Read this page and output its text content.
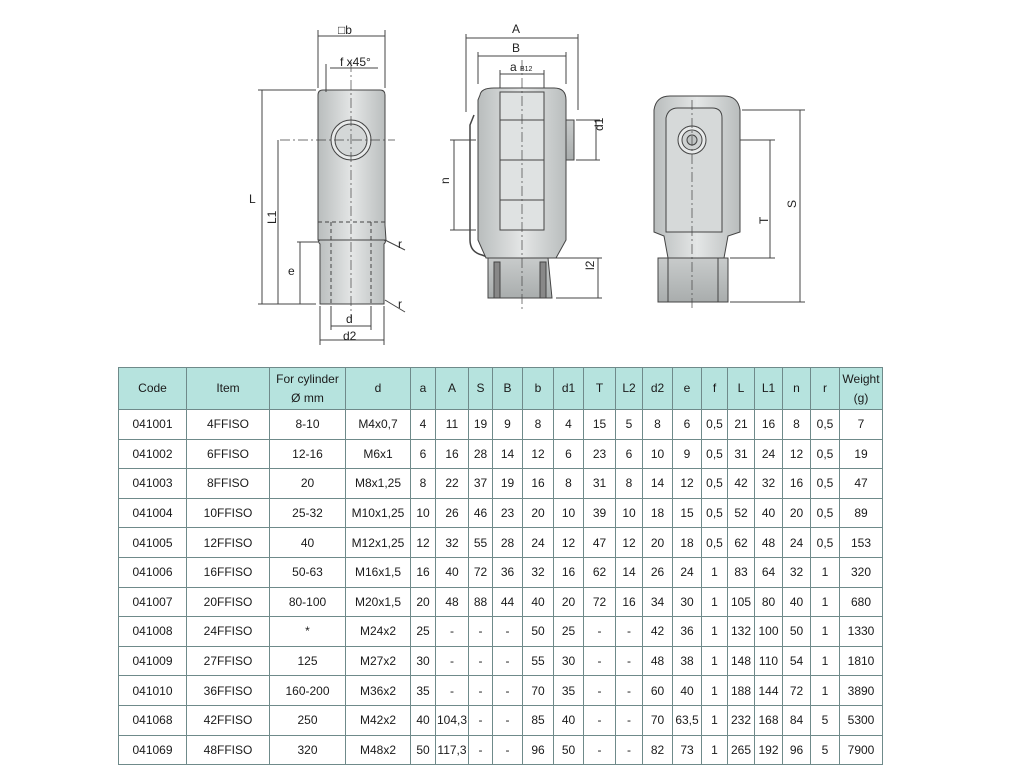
□b
f x45°
L
L1
e
d
d2
r
r
A
B
a B12
d1
n
l2
T
S
Code	Item	For cylinder
Ø mm	d	a	A	S	B	b	d1	T	L2	d2	e	f	L	L1	n	r	Weight
(g)
041001	4FFISO	8-10	M4x0,7	4	11	19	9	8	4	15	5	8	6	0,5	21	16	8	0,5	7
041002	6FFISO	12-16	M6x1	6	16	28	14	12	6	23	6	10	9	0,5	31	24	12	0,5	19
041003	8FFISO	20	M8x1,25	8	22	37	19	16	8	31	8	14	12	0,5	42	32	16	0,5	47
041004	10FFISO	25-32	M10x1,25	10	26	46	23	20	10	39	10	18	15	0,5	52	40	20	0,5	89
041005	12FFISO	40	M12x1,25	12	32	55	28	24	12	47	12	20	18	0,5	62	48	24	0,5	153
041006	16FFISO	50-63	M16x1,5	16	40	72	36	32	16	62	14	26	24	1	83	64	32	1	320
041007	20FFISO	80-100	M20x1,5	20	48	88	44	40	20	72	16	34	30	1	105	80	40	1	680
041008	24FFISO	*	M24x2	25	-	-	-	50	25	-	-	42	36	1	132	100	50	1	1330
041009	27FFISO	125	M27x2	30	-	-	-	55	30	-	-	48	38	1	148	110	54	1	1810
041010	36FFISO	160-200	M36x2	35	-	-	-	70	35	-	-	60	40	1	188	144	72	1	3890
041068	42FFISO	250	M42x2	40	104,3	-	-	85	40	-	-	70	63,5	1	232	168	84	5	5300
041069	48FFISO	320	M48x2	50	117,3	-	-	96	50	-	-	82	73	1	265	192	96	5	7900
